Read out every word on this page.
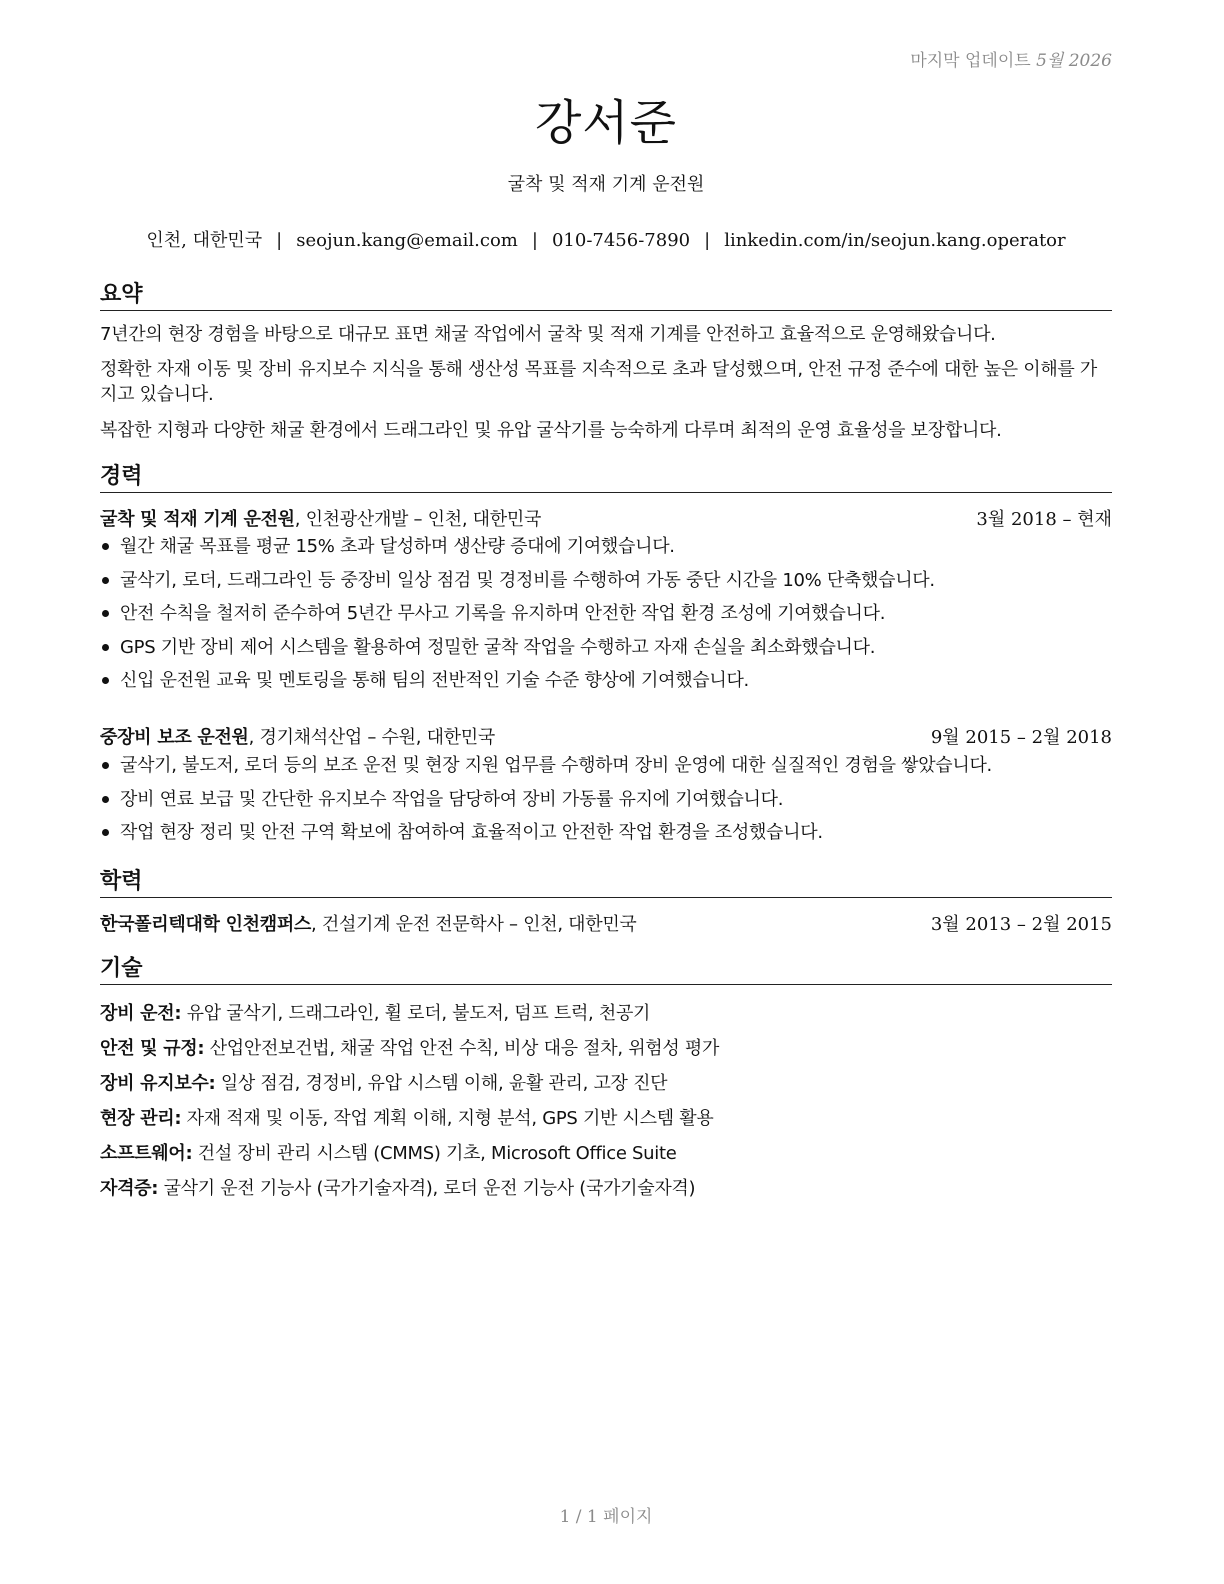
마지막 업데이트 5월 2026
강서준
굴착 및 적재 기계 운전원
인천, 대한민국 | seojun.kang@email.com | 010-7456-7890 | linkedin.com/in/seojun.kang.operator
요약
7년간의 현장 경험을 바탕으로 대규모 표면 채굴 작업에서 굴착 및 적재 기계를 안전하고 효율적으로 운영해왔습니다.
정확한 자재 이동 및 장비 유지보수 지식을 통해 생산성 목표를 지속적으로 초과 달성했으며, 안전 규정 준수에 대한 높은 이해를 가지고 있습니다.
복잡한 지형과 다양한 채굴 환경에서 드래그라인 및 유압 굴삭기를 능숙하게 다루며 최적의 운영 효율성을 보장합니다.
경력
굴착 및 적재 기계 운전원, 인천광산개발 – 인천, 대한민국	3월 2018 – 현재
월간 채굴 목표를 평균 15% 초과 달성하며 생산량 증대에 기여했습니다.
굴삭기, 로더, 드래그라인 등 중장비 일상 점검 및 경정비를 수행하여 가동 중단 시간을 10% 단축했습니다.
안전 수칙을 철저히 준수하여 5년간 무사고 기록을 유지하며 안전한 작업 환경 조성에 기여했습니다.
GPS 기반 장비 제어 시스템을 활용하여 정밀한 굴착 작업을 수행하고 자재 손실을 최소화했습니다.
신입 운전원 교육 및 멘토링을 통해 팀의 전반적인 기술 수준 향상에 기여했습니다.
중장비 보조 운전원, 경기채석산업 – 수원, 대한민국	9월 2015 – 2월 2018
굴삭기, 불도저, 로더 등의 보조 운전 및 현장 지원 업무를 수행하며 장비 운영에 대한 실질적인 경험을 쌓았습니다.
장비 연료 보급 및 간단한 유지보수 작업을 담당하여 장비 가동률 유지에 기여했습니다.
작업 현장 정리 및 안전 구역 확보에 참여하여 효율적이고 안전한 작업 환경을 조성했습니다.
학력
한국폴리텍대학 인천캠퍼스, 건설기계 운전 전문학사 – 인천, 대한민국	3월 2013 – 2월 2015
기술
장비 운전: 유압 굴삭기, 드래그라인, 휠 로더, 불도저, 덤프 트럭, 천공기
안전 및 규정: 산업안전보건법, 채굴 작업 안전 수칙, 비상 대응 절차, 위험성 평가
장비 유지보수: 일상 점검, 경정비, 유압 시스템 이해, 윤활 관리, 고장 진단
현장 관리: 자재 적재 및 이동, 작업 계획 이해, 지형 분석, GPS 기반 시스템 활용
소프트웨어: 건설 장비 관리 시스템 (CMMS) 기초, Microsoft Office Suite
자격증: 굴삭기 운전 기능사 (국가기술자격), 로더 운전 기능사 (국가기술자격)
1 / 1 페이지
